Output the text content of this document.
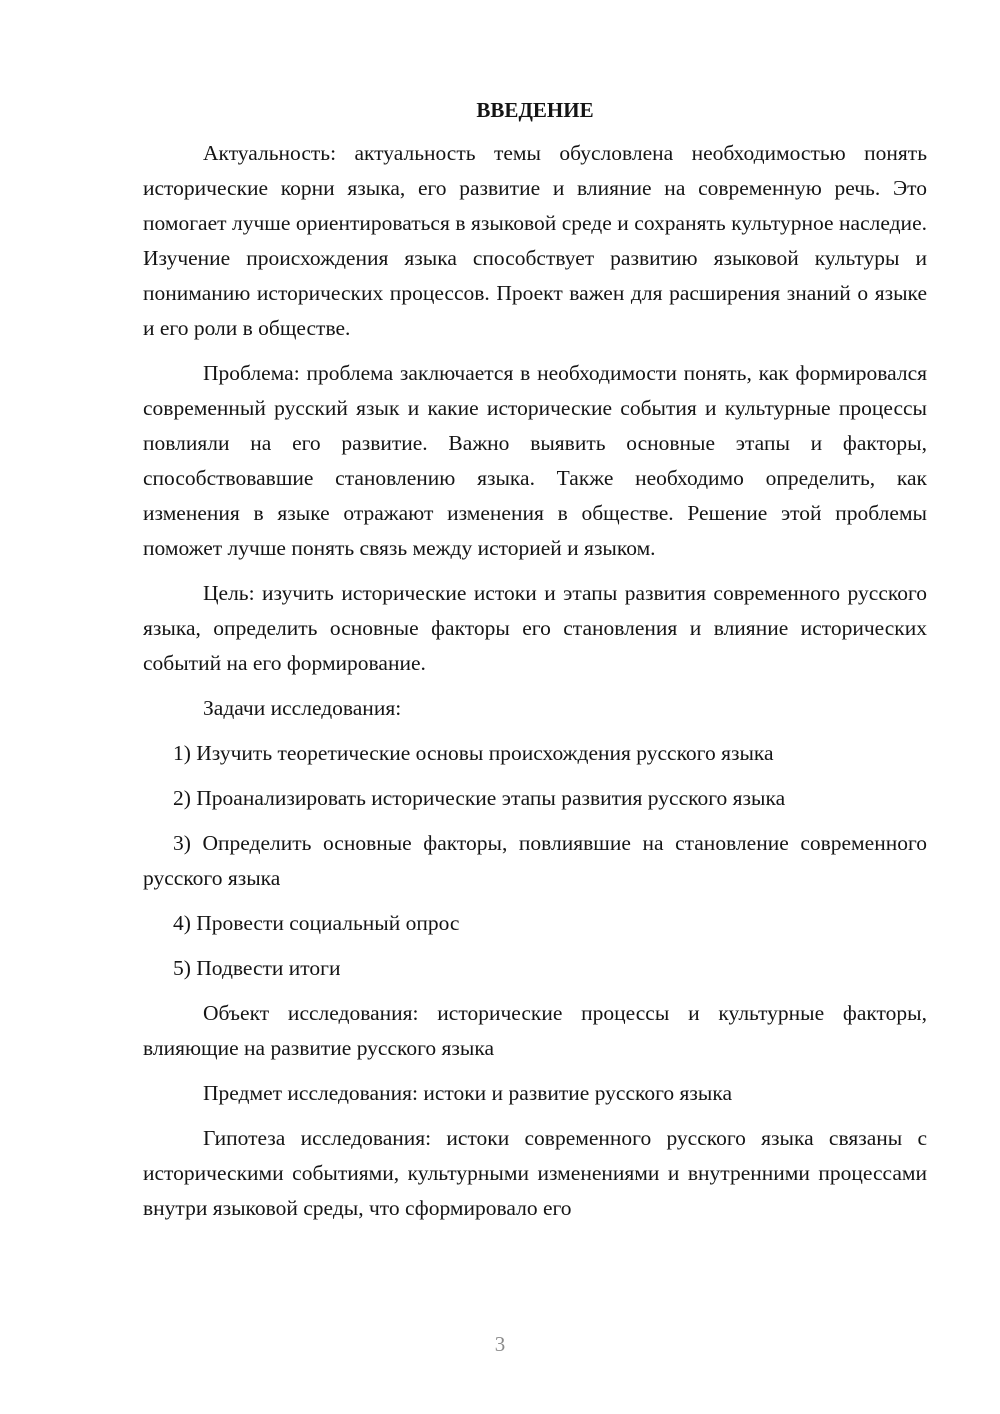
ВВЕДЕНИЕ

Актуальность: актуальность темы обусловлена необходимостью понять исторические корни языка, его развитие и влияние на современную речь. Это помогает лучше ориентироваться в языковой среде и сохранять культурное наследие. Изучение происхождения языка способствует развитию языковой культуры и пониманию исторических процессов. Проект важен для расширения знаний о языке и его роли в обществе.

Проблема: проблема заключается в необходимости понять, как формировался современный русский язык и какие исторические события и культурные процессы повлияли на его развитие. Важно выявить основные этапы и факторы, способствовавшие становлению языка. Также необходимо определить, как изменения в языке отражают изменения в обществе. Решение этой проблемы поможет лучше понять связь между историей и языком.

Цель: изучить исторические истоки и этапы развития современного русского языка, определить основные факторы его становления и влияние исторических событий на его формирование.

Задачи исследования:

1) Изучить теоретические основы происхождения русского языка

2) Проанализировать исторические этапы развития русского языка

3) Определить основные факторы, повлиявшие на становление современного русского языка

4) Провести социальный опрос

5) Подвести итоги

Объект исследования: исторические процессы и культурные факторы, влияющие на развитие русского языка

Предмет исследования: истоки и развитие русского языка

Гипотеза исследования: истоки современного русского языка связаны с историческими событиями, культурными изменениями и внутренними процессами внутри языковой среды, что сформировало его

3
